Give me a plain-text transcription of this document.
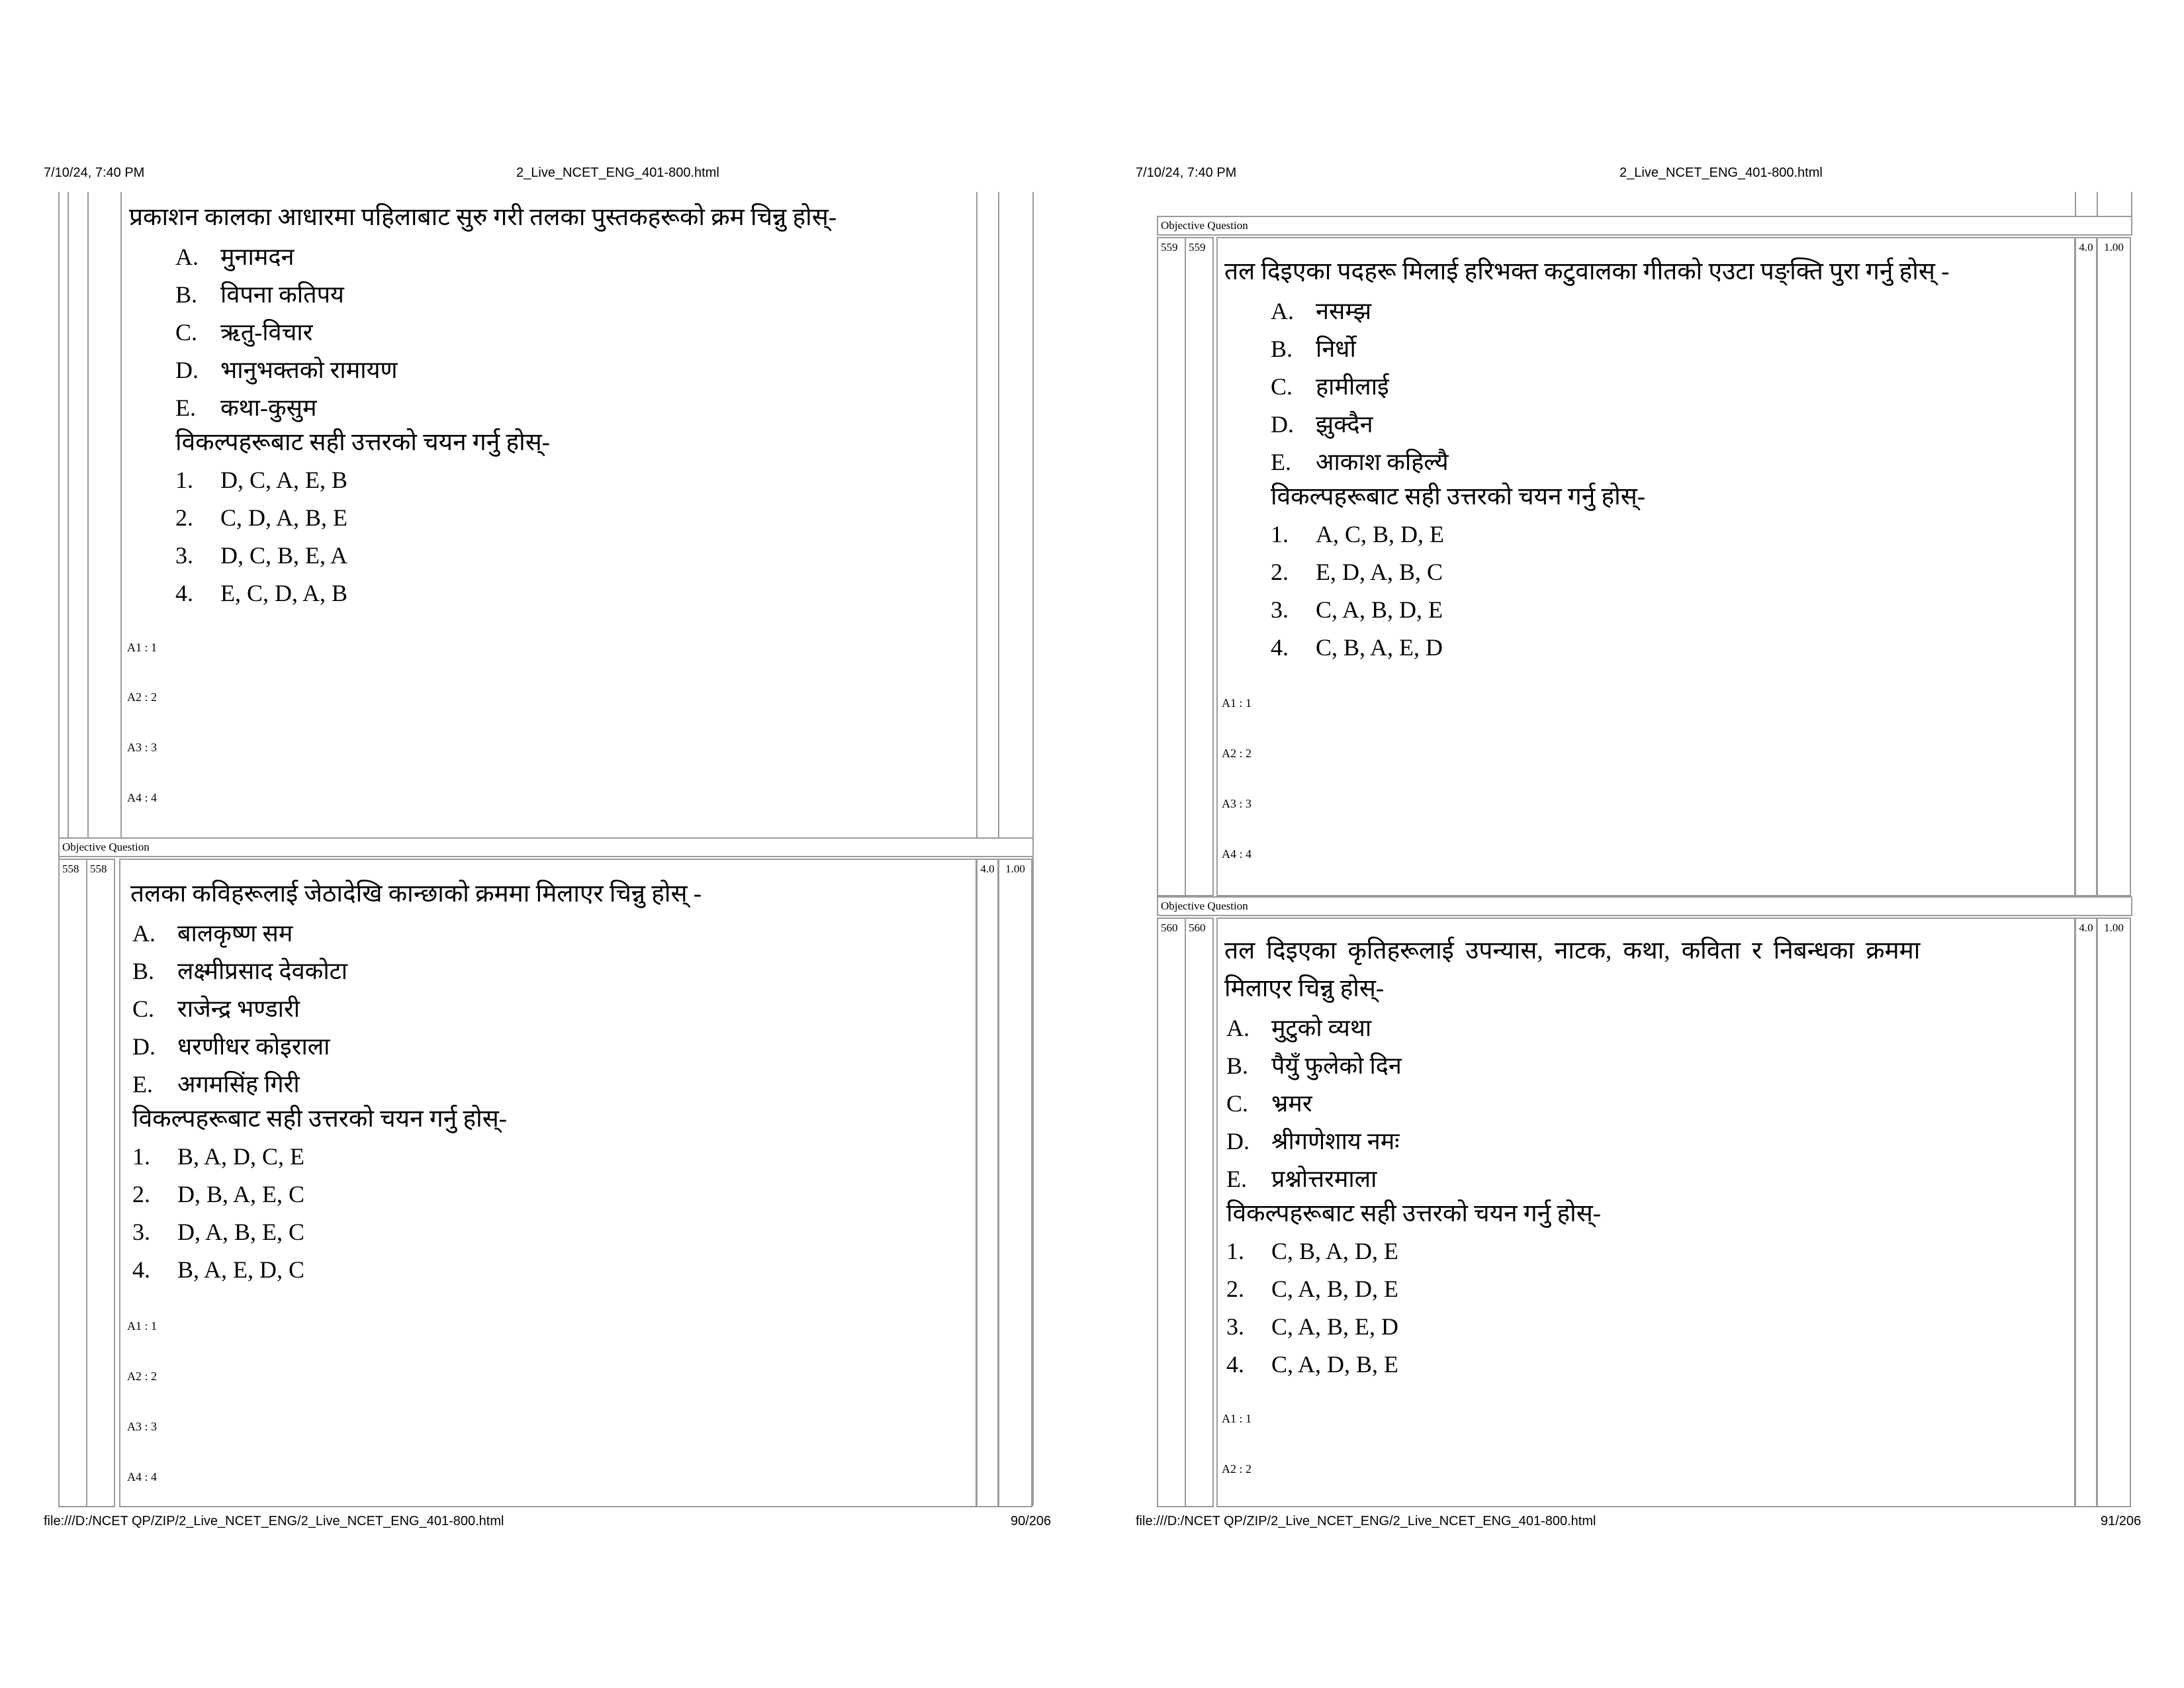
7/10/24, 7:40 PM	2_Live_NCET_ENG_401-800.html
प्रकाशन कालका आधारमा पहिलाबाट सुरु गरी तलका पुस्तकहरूको क्रम चिन्नु होस्-
A. मुनामदन
B. विपना कतिपय
C. ऋतु-विचार
D. भानुभक्तको रामायण
E. कथा-कुसुम
विकल्पहरूबाट सही उत्तरको चयन गर्नु होस्-
1. D, C, A, E, B
2. C, D, A, B, E
3. D, C, B, E, A
4. E, C, D, A, B
A1 : 1
A2 : 2
A3 : 3
A4 : 4
Objective Question
558 558	4.0 1.00
तलका कविहरूलाई जेठादेखि कान्छाको क्रममा मिलाएर चिन्नु होस् -
A. बालकृष्ण सम
B. लक्ष्मीप्रसाद देवकोटा
C. राजेन्द्र भण्डारी
D. धरणीधर कोइराला
E. अगमसिंह गिरी
विकल्पहरूबाट सही उत्तरको चयन गर्नु होस्-
1. B, A, D, C, E
2. D, B, A, E, C
3. D, A, B, E, C
4. B, A, E, D, C
A1 : 1
A2 : 2
A3 : 3
A4 : 4
file:///D:/NCET QP/ZIP/2_Live_NCET_ENG/2_Live_NCET_ENG_401-800.html	90/206
7/10/24, 7:40 PM	2_Live_NCET_ENG_401-800.html
Objective Question
559 559	4.0 1.00
तल दिइएका पदहरू मिलाई हरिभक्त कटुवालका गीतको एउटा पङ्क्ति पुरा गर्नु होस् -
A. नसम्झ
B. निर्धो
C. हामीलाई
D. झुक्दैन
E. आकाश कहिल्यै
विकल्पहरूबाट सही उत्तरको चयन गर्नु होस्-
1. A, C, B, D, E
2. E, D, A, B, C
3. C, A, B, D, E
4. C, B, A, E, D
A1 : 1
A2 : 2
A3 : 3
A4 : 4
Objective Question
560 560	4.0 1.00
तल दिइएका कृतिहरूलाई उपन्यास, नाटक, कथा, कविता र निबन्धका क्रममा
मिलाएर चिन्नु होस्-
A. मुटुको व्यथा
B. पैयुँ फुलेको दिन
C. भ्रमर
D. श्रीगणेशाय नमः
E. प्रश्नोत्तरमाला
विकल्पहरूबाट सही उत्तरको चयन गर्नु होस्-
1. C, B, A, D, E
2. C, A, B, D, E
3. C, A, B, E, D
4. C, A, D, B, E
A1 : 1
A2 : 2
file:///D:/NCET QP/ZIP/2_Live_NCET_ENG/2_Live_NCET_ENG_401-800.html	91/206
